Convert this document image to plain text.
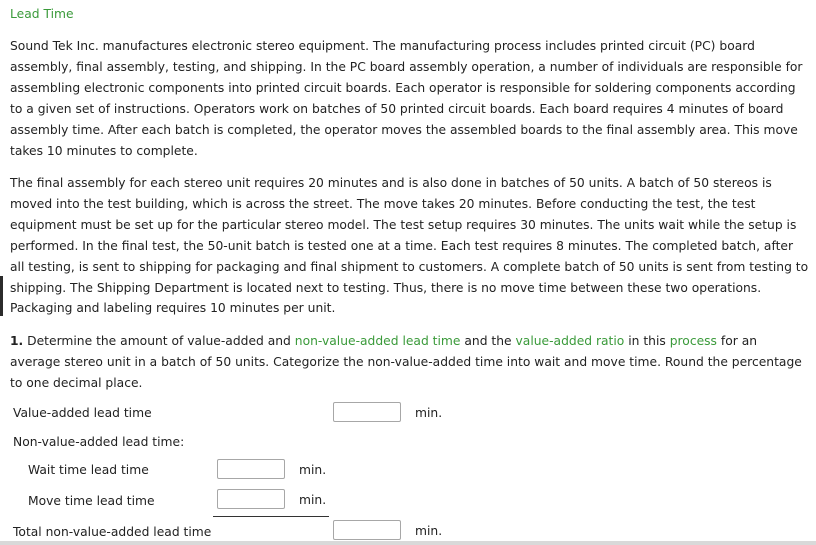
Lead Time

Sound Tek Inc. manufactures electronic stereo equipment. The manufacturing process includes printed circuit (PC) board assembly, final assembly, testing, and shipping. In the PC board assembly operation, a number of individuals are responsible for assembling electronic components into printed circuit boards. Each operator is responsible for soldering components according to a given set of instructions. Operators work on batches of 50 printed circuit boards. Each board requires 4 minutes of board assembly time. After each batch is completed, the operator moves the assembled boards to the final assembly area. This move takes 10 minutes to complete.

The final assembly for each stereo unit requires 20 minutes and is also done in batches of 50 units. A batch of 50 stereos is moved into the test building, which is across the street. The move takes 20 minutes. Before conducting the test, the test equipment must be set up for the particular stereo model. The test setup requires 30 minutes. The units wait while the setup is performed. In the final test, the 50-unit batch is tested one at a time. Each test requires 8 minutes. The completed batch, after all testing, is sent to shipping for packaging and final shipment to customers. A complete batch of 50 units is sent from testing to shipping. The Shipping Department is located next to testing. Thus, there is no move time between these two operations. Packaging and labeling requires 10 minutes per unit.

1. Determine the amount of value-added and non-value-added lead time and the value-added ratio in this process for an average stereo unit in a batch of 50 units. Categorize the non-value-added time into wait and move time. Round the percentage to one decimal place.

Value-added lead time	min.
Non-value-added lead time:
Wait time lead time	min.
Move time lead time	min.
Total non-value-added lead time	min.
